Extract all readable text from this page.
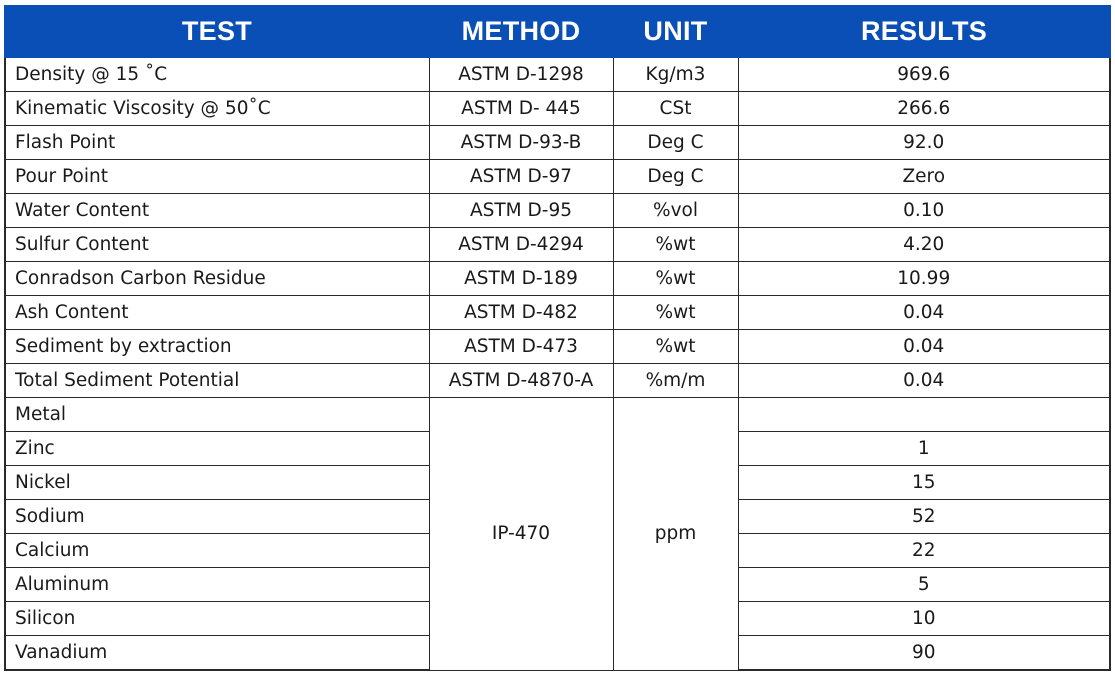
TEST	METHOD	UNIT	RESULTS
Density @ 15 ˚C	ASTM D-1298	Kg/m3	969.6
Kinematic Viscosity @ 50˚C	ASTM D- 445	CSt	266.6
Flash Point	ASTM D-93-B	Deg C	92.0
Pour Point	ASTM D-97	Deg C	Zero
Water Content	ASTM D-95	%vol	0.10
Sulfur Content	ASTM D-4294	%wt	4.20
Conradson Carbon Residue	ASTM D-189	%wt	10.99
Ash Content	ASTM D-482	%wt	0.04
Sediment by extraction	ASTM D-473	%wt	0.04
Total Sediment Potential	ASTM D-4870-A	%m/m	0.04
Metal	IP-470	ppm	
Zinc			1
Nickel			15
Sodium			52
Calcium			22
Aluminum			5
Silicon			10
Vanadium			90
